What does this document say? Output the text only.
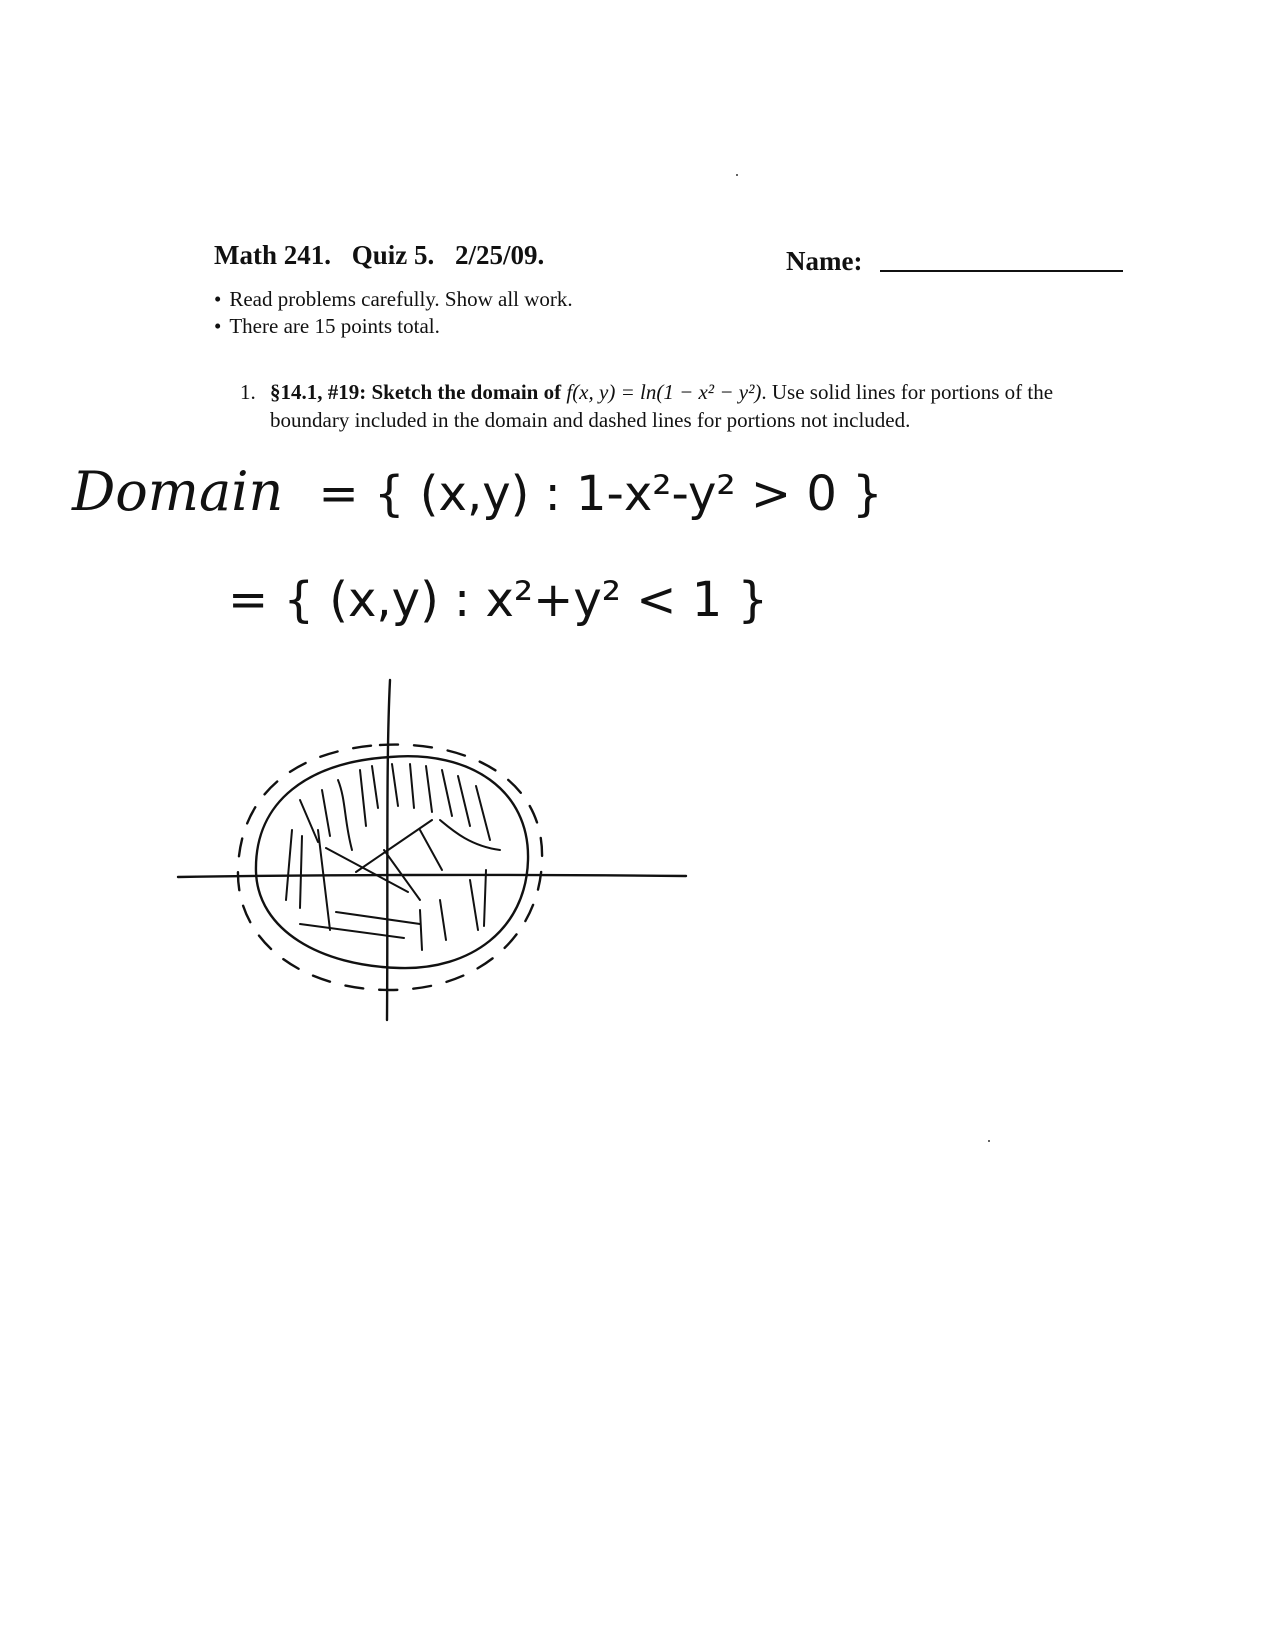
Math 241. Quiz 5. 2/25/09.	Name:
• Read problems carefully. Show all work.
• There are 15 points total.
1. §14.1, #19: Sketch the domain of f(x, y) = ln(1 − x² − y²). Use solid lines for portions of the boundary included in the domain and dashed lines for portions not included.
Domain = { (x,y) : 1-x²-y² > 0 }
= { (x,y) : x²+y² < 1 }
